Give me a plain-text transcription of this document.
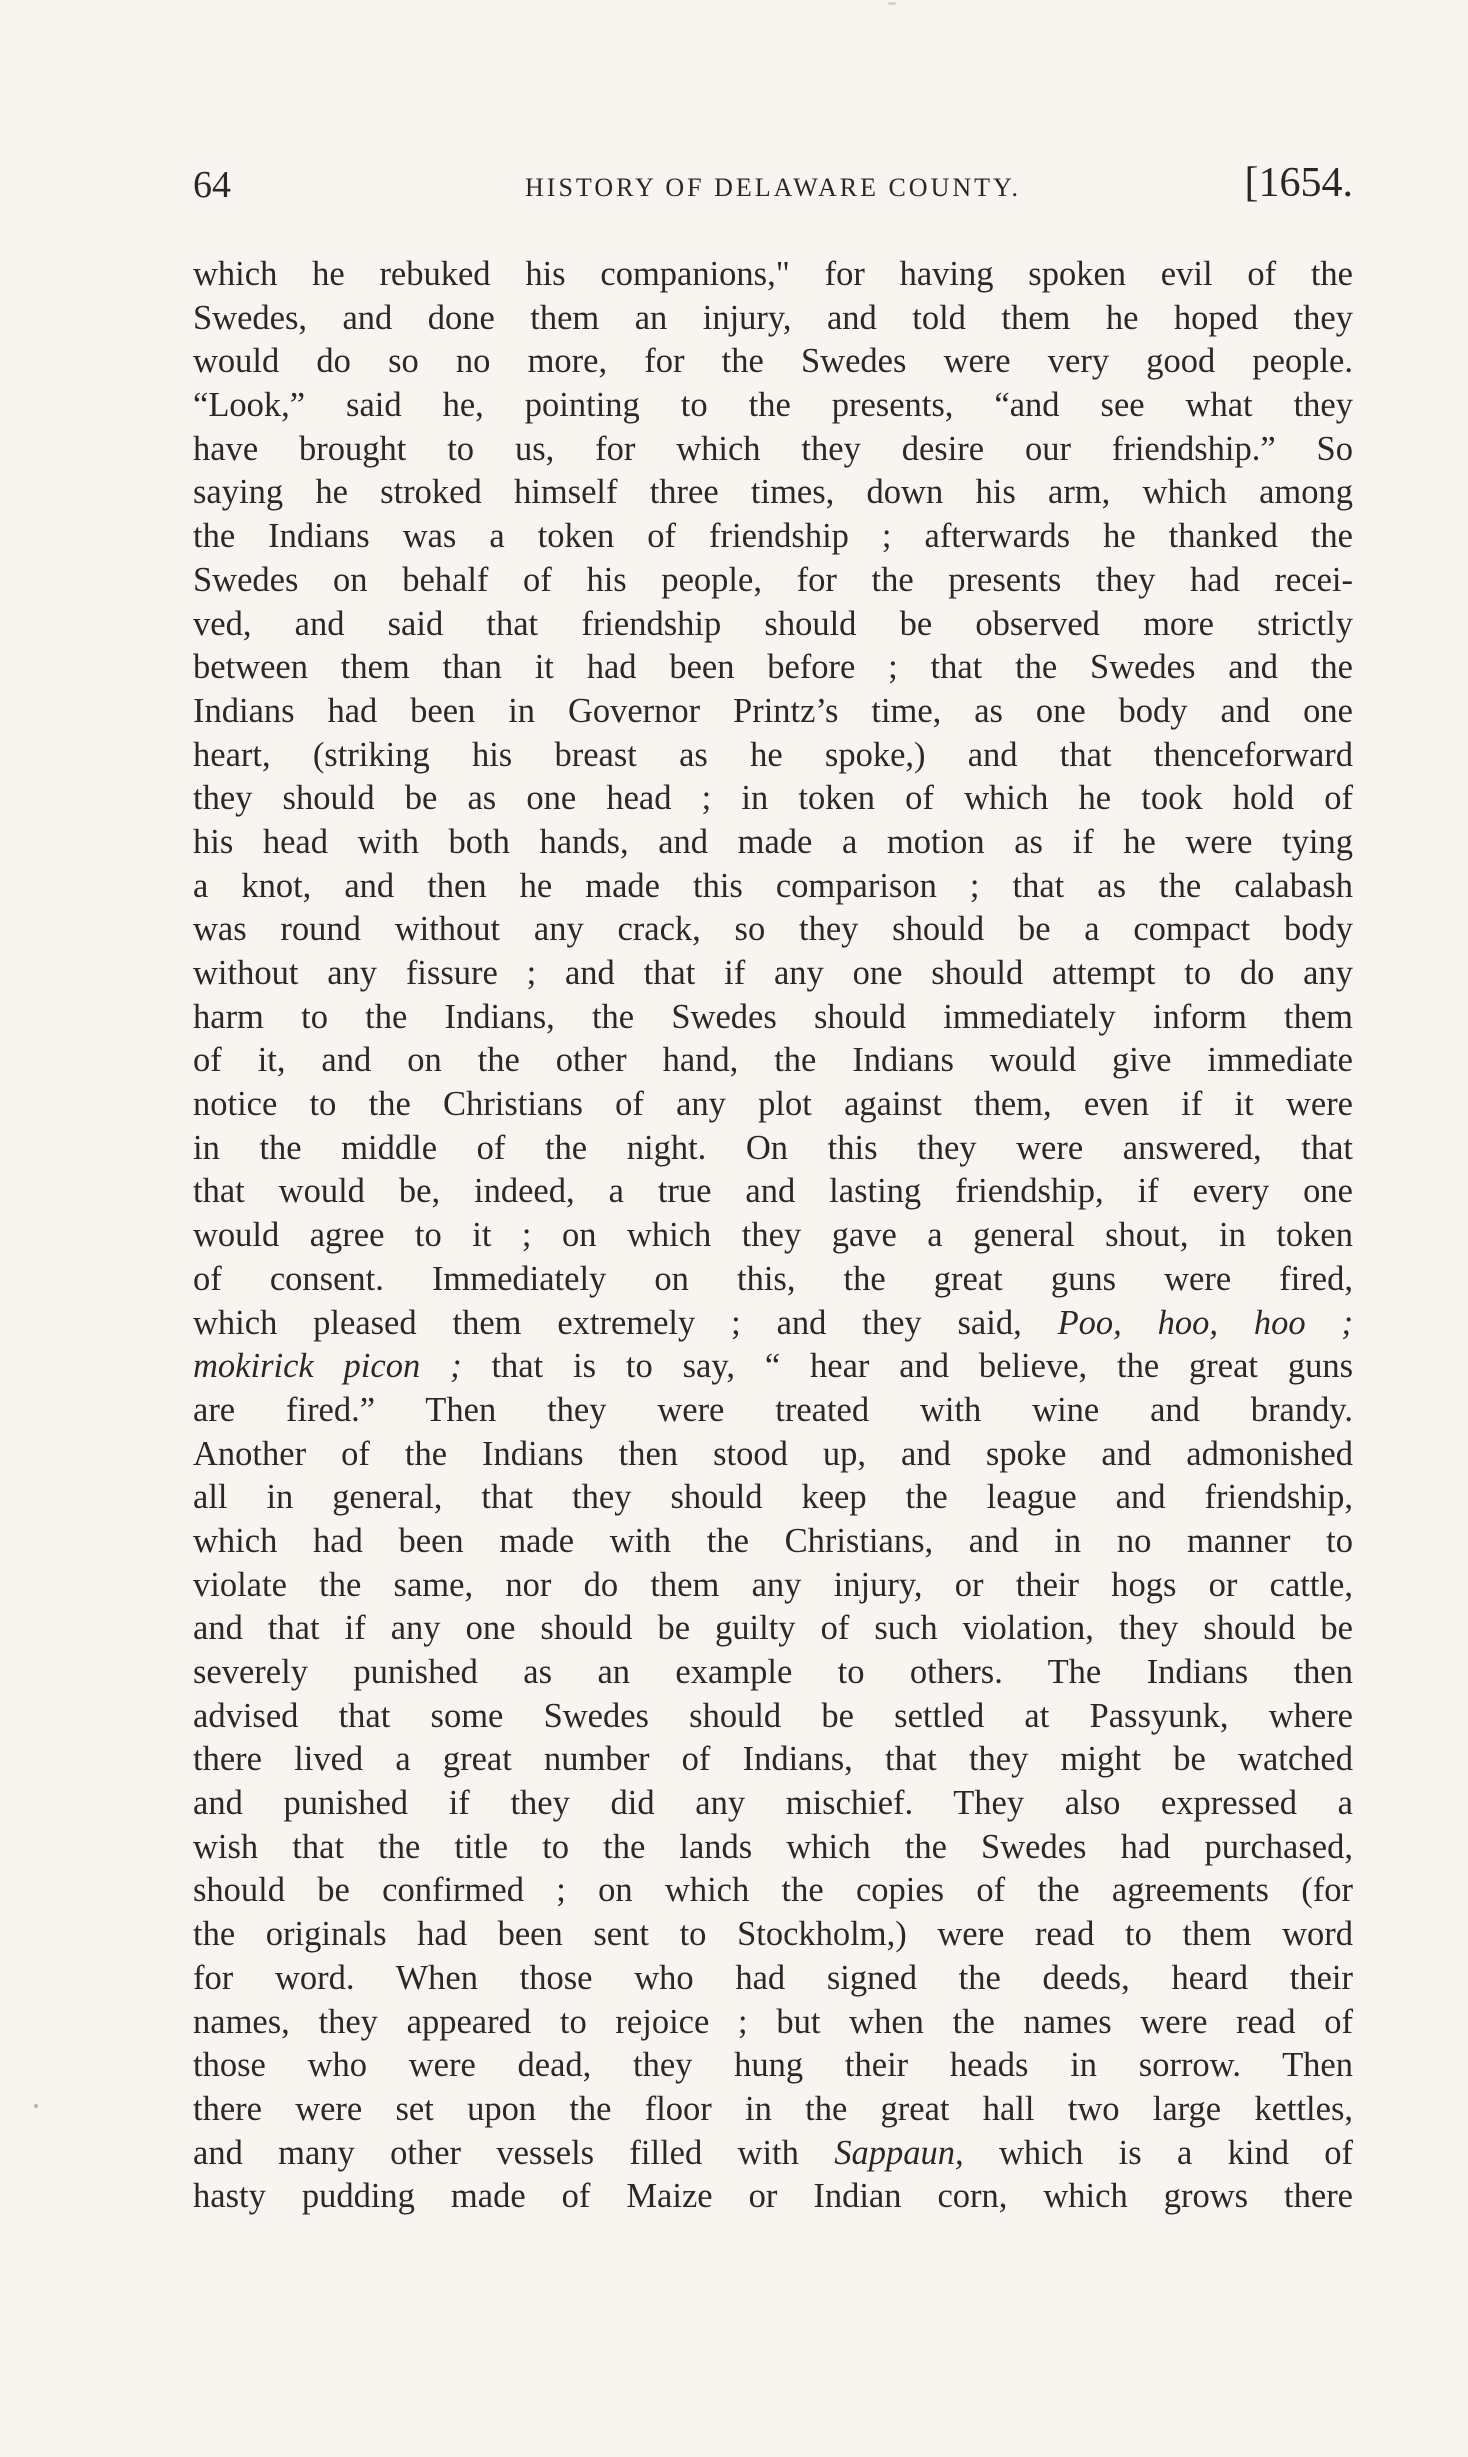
64	HISTORY OF DELAWARE COUNTY.	[1654.
which he rebuked his companions," for having spoken evil of the
Swedes, and done them an injury, and told them he hoped they
would do so no more, for the Swedes were very good people.
“Look,” said he, pointing to the presents, “and see what they
have brought to us, for which they desire our friendship.” So
saying he stroked himself three times, down his arm, which among
the Indians was a token of friendship ; afterwards he thanked the
Swedes on behalf of his people, for the presents they had recei-
ved, and said that friendship should be observed more strictly
between them than it had been before ; that the Swedes and the
Indians had been in Governor Printz’s time, as one body and one
heart, (striking his breast as he spoke,) and that thenceforward
they should be as one head ; in token of which he took hold of
his head with both hands, and made a motion as if he were tying
a knot, and then he made this comparison ; that as the calabash
was round without any crack, so they should be a compact body
without any fissure ; and that if any one should attempt to do any
harm to the Indians, the Swedes should immediately inform them
of it, and on the other hand, the Indians would give immediate
notice to the Christians of any plot against them, even if it were
in the middle of the night. On this they were answered, that
that would be, indeed, a true and lasting friendship, if every one
would agree to it ; on which they gave a general shout, in token
of consent. Immediately on this, the great guns were fired,
which pleased them extremely ; and they said, Poo, hoo, hoo ;
mokirick picon ; that is to say, “ hear and believe, the great guns
are fired.” Then they were treated with wine and brandy.
Another of the Indians then stood up, and spoke and admonished
all in general, that they should keep the league and friendship,
which had been made with the Christians, and in no manner to
violate the same, nor do them any injury, or their hogs or cattle,
and that if any one should be guilty of such violation, they should be
severely punished as an example to others. The Indians then
advised that some Swedes should be settled at Passyunk, where
there lived a great number of Indians, that they might be watched
and punished if they did any mischief. They also expressed a
wish that the title to the lands which the Swedes had purchased,
should be confirmed ; on which the copies of the agreements (for
the originals had been sent to Stockholm,) were read to them word
for word. When those who had signed the deeds, heard their
names, they appeared to rejoice ; but when the names were read of
those who were dead, they hung their heads in sorrow. Then
there were set upon the floor in the great hall two large kettles,
and many other vessels filled with Sappaun, which is a kind of
hasty pudding made of Maize or Indian corn, which grows there
